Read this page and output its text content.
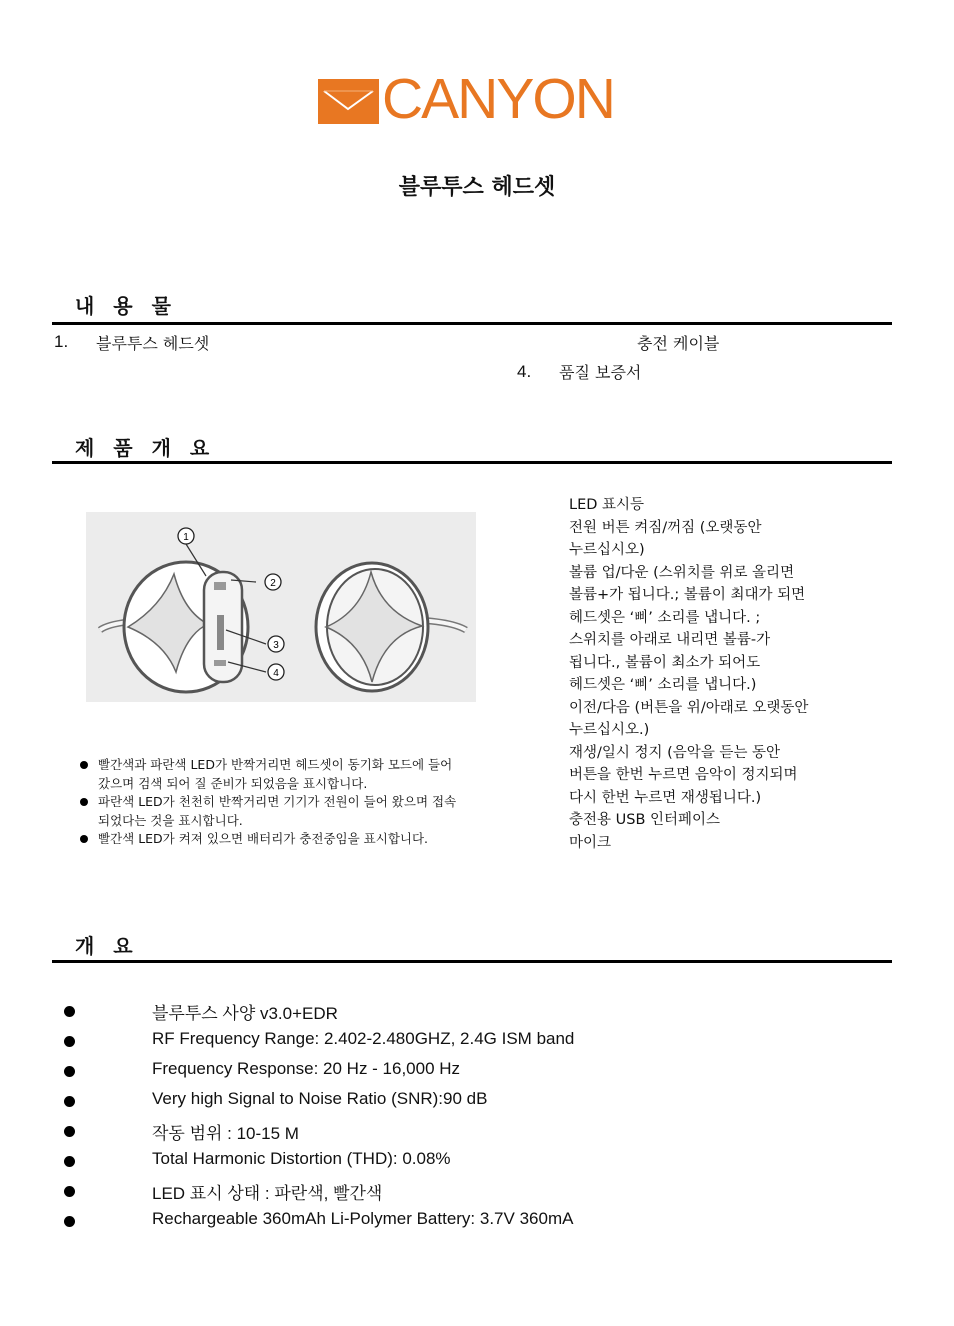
CANYON
블루투스 헤드셋
내 용 물
1. 블루투스 헤드셋	충전 케이블
4. 품질 보증서
제 품 개 요
1
2
3
4
빨간색과 파란색 LED가 반짝거리면 헤드셋이 동기화 모드에 들어갔으며 검색 되어 질 준비가 되었음을 표시합니다.
파란색 LED가 천천히 반짝거리면 기기가 전원이 들어 왔으며 접속 되었다는 것을 표시합니다.
빨간색 LED가 켜져 있으면 배터리가 충전중임을 표시합니다.
LED 표시등
전원 버튼 켜짐/꺼짐 (오랫동안
누르십시오)
볼륨 업/다운 (스위치를 위로 올리면
볼륨+가 됩니다.; 볼륨이 최대가 되면
헤드셋은 ‘삐’ 소리를 냅니다. ;
스위치를 아래로 내리면 볼륨-가
됩니다., 볼륨이 최소가 되어도
헤드셋은 ‘삐’ 소리를 냅니다.)
이전/다음 (버튼을 위/아래로 오랫동안
누르십시오.)
재생/일시 정지 (음악을 듣는 동안
버튼을 한번 누르면 음악이 정지되며
다시 한번 누르면 재생됩니다.)
충전용 USB 인터페이스
마이크
개 요
블루투스 사양 v3.0+EDR
RF Frequency Range: 2.402-2.480GHZ, 2.4G ISM band
Frequency Response: 20 Hz - 16,000 Hz
Very high Signal to Noise Ratio (SNR):90 dB
작동 범위 : 10-15 M
Total Harmonic Distortion (THD): 0.08%
LED 표시 상태 : 파란색, 빨간색
Rechargeable 360mAh Li-Polymer Battery: 3.7V 360mA
